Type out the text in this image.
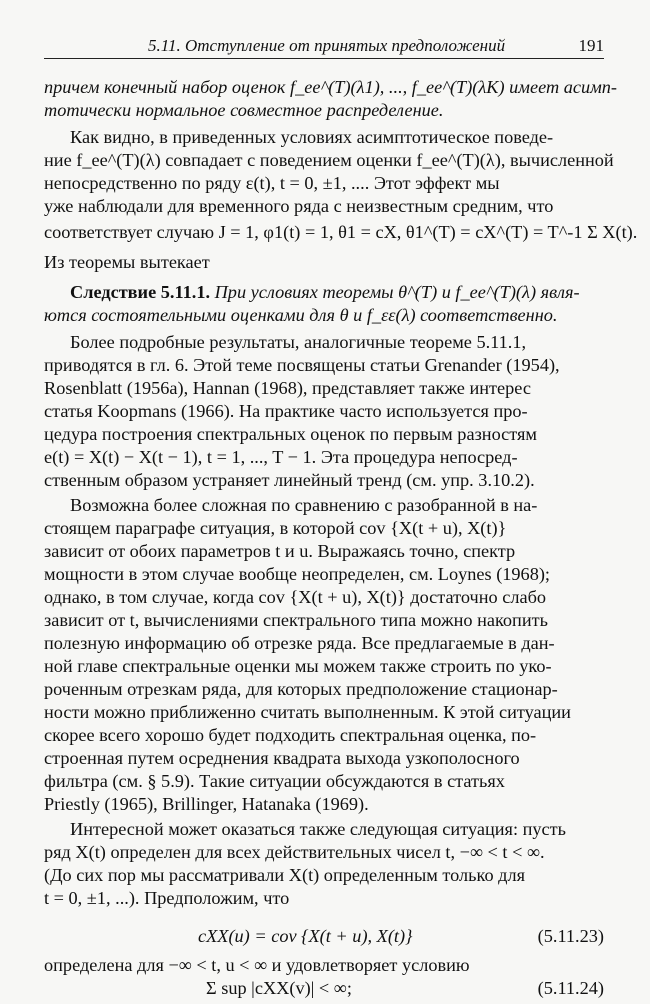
5.11. Отступление от принятых предположений	191
причем конечный набор оценок f_ee^(T)(λ1), ..., f_ee^(T)(λK) имеет асимп-
тотически нормальное совместное распределение.
Как видно, в приведенных условиях асимптотическое поведе-
ние f_ee^(T)(λ) совпадает с поведением оценки f_ee^(T)(λ), вычисленной
непосредственно по ряду ε(t), t = 0, ±1, .... Этот эффект мы
уже наблюдали для временного ряда с неизвестным средним, что
соответствует случаю J = 1, φ1(t) = 1, θ1 = cX, θ1^(T) = cX^(T) = T^-1 Σ X(t).
Из теоремы вытекает
Следствие 5.11.1. При условиях теоремы θ^(T) и f_ee^(T)(λ) явля-
ются состоятельными оценками для θ и f_εε(λ) соответственно.
Более подробные результаты, аналогичные теореме 5.11.1,
приводятся в гл. 6. Этой теме посвящены статьи Grenander (1954),
Rosenblatt (1956a), Hannan (1968), представляет также интерес
статья Koopmans (1966). На практике часто используется про-
цедура построения спектральных оценок по первым разностям
e(t) = X(t) − X(t − 1), t = 1, ..., T − 1. Эта процедура непосред-
ственным образом устраняет линейный тренд (см. упр. 3.10.2).
Возможна более сложная по сравнению с разобранной в на-
стоящем параграфе ситуация, в которой cov {X(t + u), X(t)}
зависит от обоих параметров t и u. Выражаясь точно, спектр
мощности в этом случае вообще неопределен, см. Loynes (1968);
однако, в том случае, когда cov {X(t + u), X(t)} достаточно слабо
зависит от t, вычислениями спектрального типа можно накопить
полезную информацию об отрезке ряда. Все предлагаемые в дан-
ной главе спектральные оценки мы можем также строить по уко-
роченным отрезкам ряда, для которых предположение стационар-
ности можно приближенно считать выполненным. К этой ситуации
скорее всего хорошо будет подходить спектральная оценка, по-
строенная путем осреднения квадрата выхода узкополосного
фильтра (см. § 5.9). Такие ситуации обсуждаются в статьях
Priestly (1965), Brillinger, Hatanaka (1969).
Интересной может оказаться также следующая ситуация: пусть
ряд X(t) определен для всех действительных чисел t, −∞ < t < ∞.
(До сих пор мы рассматривали X(t) определенным только для
t = 0, ±1, ...). Предположим, что
cXX(u) = cov {X(t + u), X(t)}	(5.11.23)
определена для −∞ < t, u < ∞ и удовлетворяет условию
Σ sup |cXX(v)| < ∞;	(5.11.24)
